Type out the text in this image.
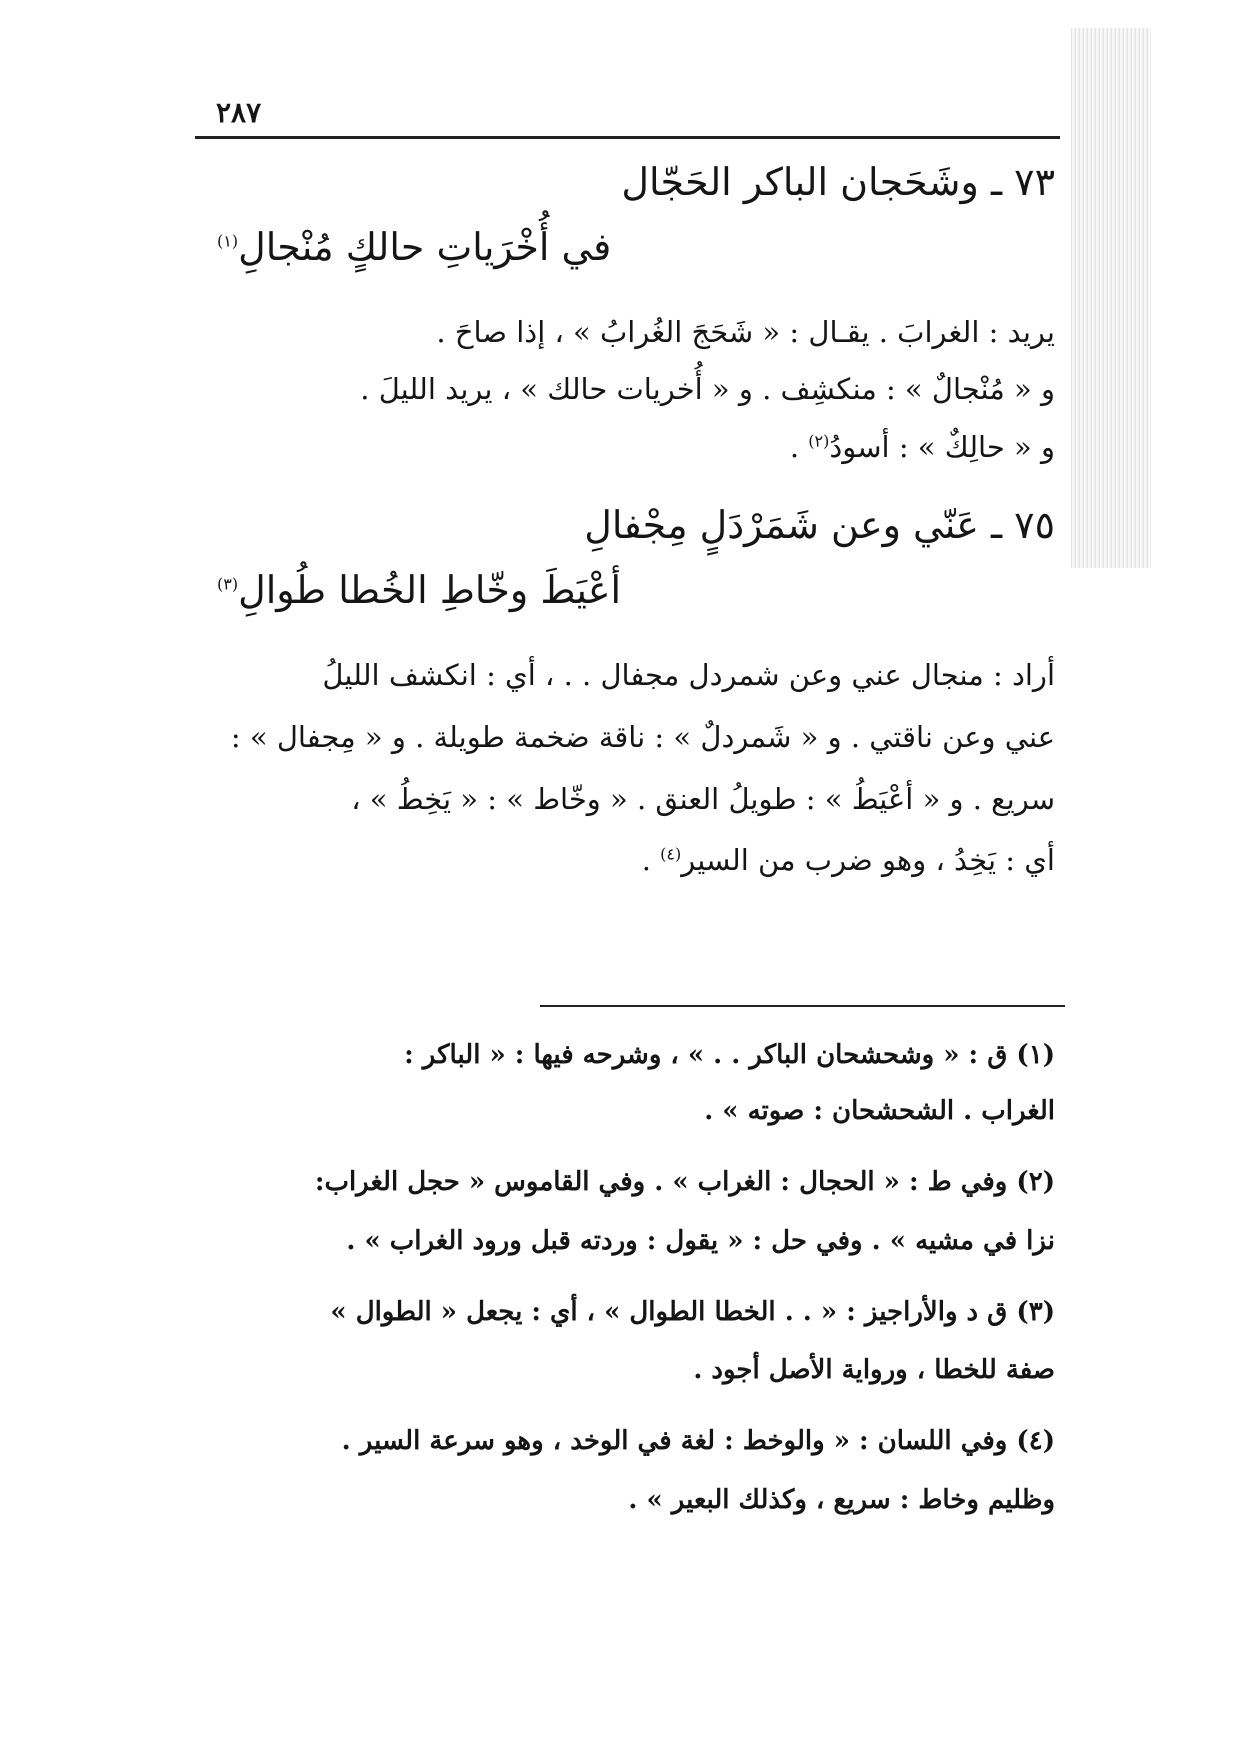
٢٨٧
٧٣ ـ وشَحَجان الباكر الحَجّال
في أُخْرَياتِ حالكٍ مُنْجالِ$^{(١)}$
يريد : الغرابَ . يقـال : « شَحَجَ الغُرابُ » ، إذا صاحَ .
و « مُنْجالٌ » : منكشِف . و « أُخريات حالك » ، يريد الليلَ .
و « حالِكٌ » : أسودُ$^{(٢)}$ .
٧٥ ـ عَنّي وعن شَمَرْدَلٍ مِجْفالِ
أعْيَطَ وخّاطِ الخُطا طُوالِ$^{(٣)}$
أراد : منجال عني وعن شمردل مجفال . . ، أي : انكشف الليلُ
عني وعن ناقتي . و « شَمردلٌ » : ناقة ضخمة طويلة . و « مِجفال » :
سريع . و « أعْيَطُ » : طويلُ العنق . « وخّاط » : « يَخِطُ » ،
أي : يَخِدُ ، وهو ضرب من السير$^{(٤)}$ .
(١) ق : « وشحشحان الباكر . . » ، وشرحه فيها : « الباكر :
الغراب . الشحشحان : صوته » .
(٢) وفي ط : « الحجال : الغراب » . وفي القاموس « حجل الغراب:
نزا في مشيه » . وفي حل : « يقول : وردته قبل ورود الغراب » .
(٣) ق د والأراجيز : « . . الخطا الطوال » ، أي : يجعل « الطوال »
صفة للخطا ، ورواية الأصل أجود .
(٤) وفي اللسان : « والوخط : لغة في الوخد ، وهو سرعة السير .
وظليم وخاط : سريع ، وكذلك البعير » .
